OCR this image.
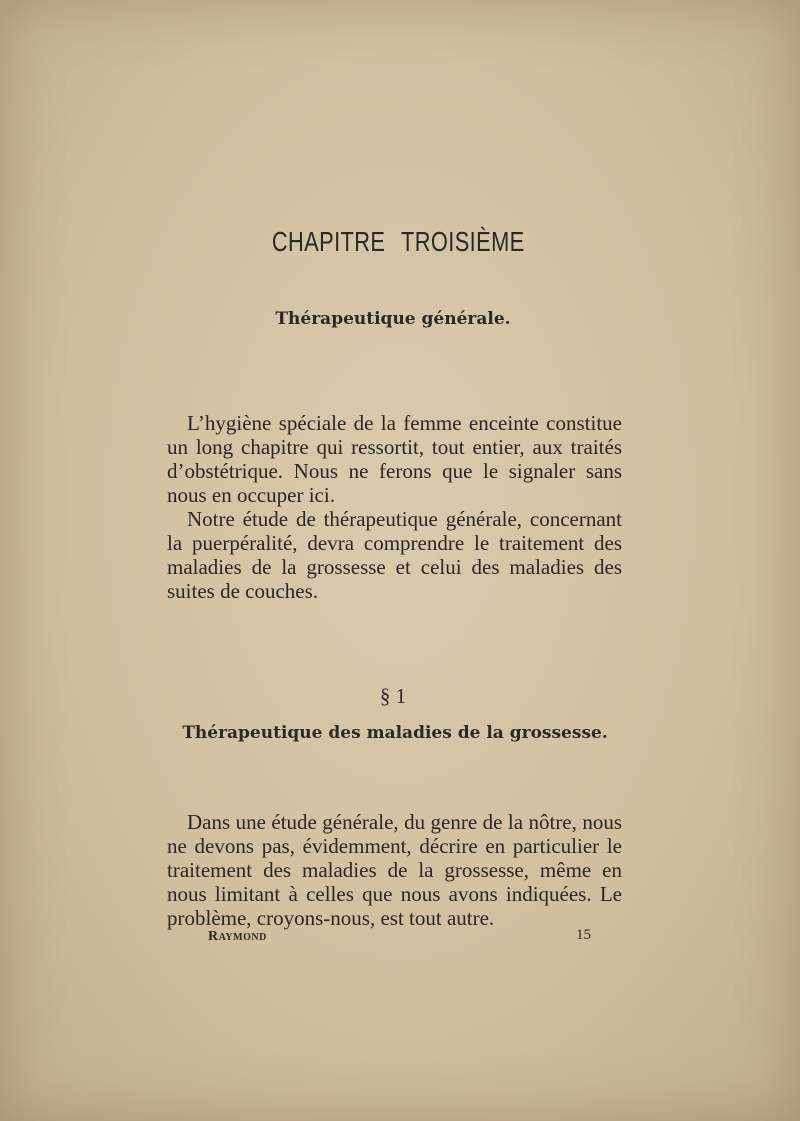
CHAPITRE TROISIÈME
Thérapeutique générale.

L’hygiène spéciale de la femme enceinte constitue un long chapitre qui ressortit, tout entier, aux traités d’obstétrique. Nous ne ferons que le signaler sans nous en occuper ici.

Notre étude de thérapeutique générale, concernant la puerpéralité, devra comprendre le traitement des maladies de la grossesse et celui des maladies des suites de couches.

§ 1
Thérapeutique des maladies de la grossesse.

Dans une étude générale, du genre de la nôtre, nous ne devons pas, évidemment, décrire en particulier le traitement des maladies de la grossesse, même en nous limitant à celles que nous avons indiquées. Le problème, croyons-nous, est tout autre.

Raymond	15
